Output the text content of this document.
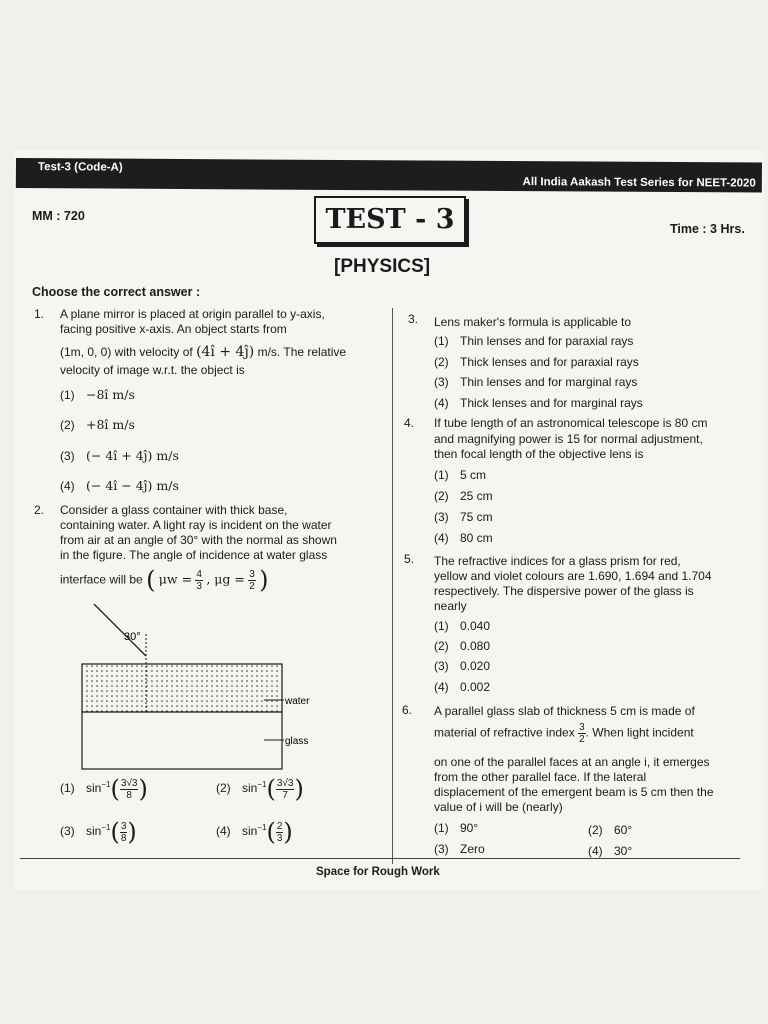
Test-3 (Code-A)
All India Aakash Test Series for NEET-2020
MM : 720	TEST - 3	Time : 3 Hrs.
[PHYSICS]
Choose the correct answer :
1. A plane mirror is placed at origin parallel to y-axis,
facing positive x-axis. An object starts from
(1m, 0, 0) with velocity of (4î + 4ĵ) m/s. The relative
velocity of image w.r.t. the object is
(1) −8î m/s
(2) +8î m/s
(3) (− 4î + 4ĵ) m/s
(4) (− 4î − 4ĵ) m/s
2. Consider a glass container with thick base,
containing water. A light ray is incident on the water
from air at an angle of 30° with the normal as shown
in the figure. The angle of incidence at water glass
interface will be ( $\mu w = \frac{4}{3}$ , $\mu g = \frac{3}{2}$ )
30°
water
glass
(1) $\sin^{-1}( \frac{3√3}{8}$ )	(2) $\sin^{-1}( \frac{3√3}{7}$ )
(3) $\sin^{-1}( \frac{3}{8}$ )	(4) $\sin^{-1}( \frac{2}{3}$ )
3. Lens maker's formula is applicable to
(1) Thin lenses and for paraxial rays
(2) Thick lenses and for paraxial rays
(3) Thin lenses and for marginal rays
(4) Thick lenses and for marginal rays
4. If tube length of an astronomical telescope is 80 cm
and magnifying power is 15 for normal adjustment,
then focal length of the objective lens is
(1) 5 cm
(2) 25 cm
(3) 75 cm
(4) 80 cm
5. The refractive indices for a glass prism for red,
yellow and violet colours are 1.690, 1.694 and 1.704
respectively. The dispersive power of the glass is
nearly
(1) 0.040
(2) 0.080
(3) 0.020
(4) 0.002
6. A parallel glass slab of thickness 5 cm is made of
material of refractive index $\frac{3}{2}$ . When light incident
on one of the parallel faces at an angle i, it emerges
from the other parallel face. If the lateral
displacement of the emergent beam is 5 cm then the
value of i will be (nearly)
(1) 90°	(2) 60°
(3) Zero	(4) 30°
Space for Rough Work
